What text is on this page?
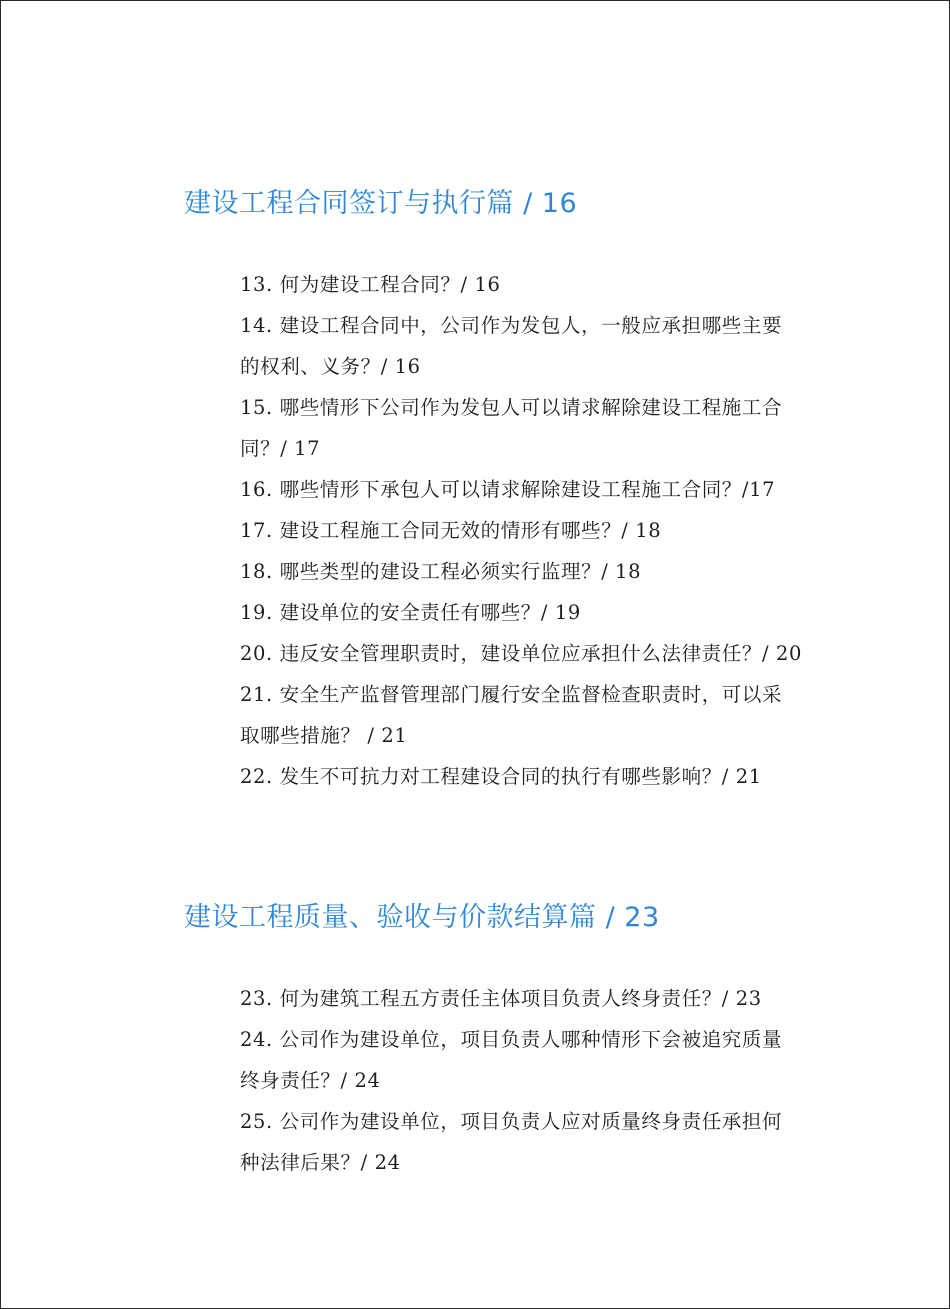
建设工程合同签订与执行篇 / 16
13. 何为建设工程合同？/ 16
14. 建设工程合同中，公司作为发包人，一般应承担哪些主要
的权利、义务？/ 16
15. 哪些情形下公司作为发包人可以请求解除建设工程施工合
同？/ 17
16. 哪些情形下承包人可以请求解除建设工程施工合同？/17
17. 建设工程施工合同无效的情形有哪些？/ 18
18. 哪些类型的建设工程必须实行监理？/ 18
19. 建设单位的安全责任有哪些？/ 19
20. 违反安全管理职责时，建设单位应承担什么法律责任？/ 20
21. 安全生产监督管理部门履行安全监督检查职责时，可以采
取哪些措施？ / 21
22. 发生不可抗力对工程建设合同的执行有哪些影响？/ 21
建设工程质量、验收与价款结算篇 / 23
23. 何为建筑工程五方责任主体项目负责人终身责任？/ 23
24. 公司作为建设单位，项目负责人哪种情形下会被追究质量
终身责任？/ 24
25. 公司作为建设单位，项目负责人应对质量终身责任承担何
种法律后果？/ 24
